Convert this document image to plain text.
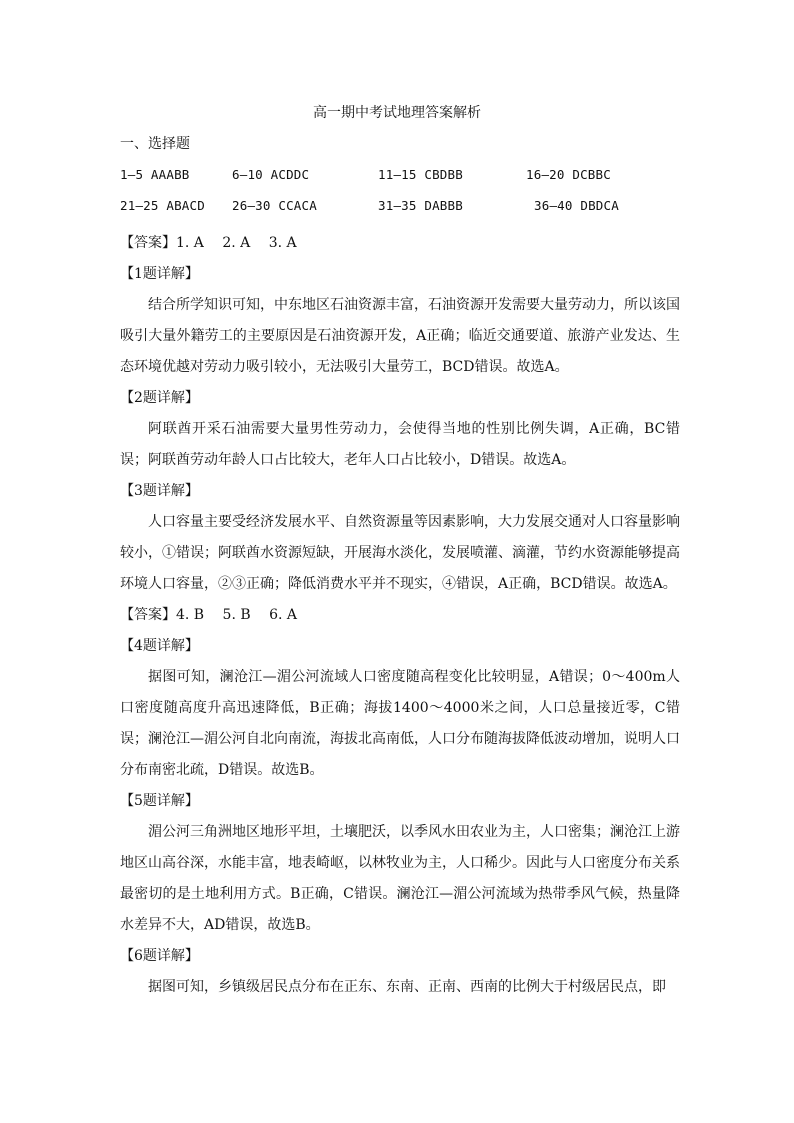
高一期中考试地理答案解析
一、选择题
1—5 AAABB	6—10 ACDDC	11—15 CBDBB	16—20 DCBBC
21—25 ABACD 26—30 CCACA	31—35 DABBB	36—40 DBDCA

【答案】1. A　 2. A　 3. A

【1题详解】

结合所学知识可知，中东地区石油资源丰富，石油资源开发需要大量劳动力，所以该国吸引大量外籍劳工的主要原因是石油资源开发，A正确；临近交通要道、旅游产业发达、生态环境优越对劳动力吸引较小，无法吸引大量劳工，BCD错误。故选A。

【2题详解】

阿联酋开采石油需要大量男性劳动力，会使得当地的性别比例失调，A正确，BC错误；阿联酋劳动年龄人口占比较大，老年人口占比较小，D错误。故选A。

【3题详解】

人口容量主要受经济发展水平、自然资源量等因素影响，大力发展交通对人口容量影响较小，①错误；阿联酋水资源短缺，开展海水淡化，发展喷灌、滴灌，节约水资源能够提高环境人口容量，②③正确；降低消费水平并不现实，④错误，A正确，BCD错误。故选A。

【答案】4. B　 5. B　 6. A

【4题详解】

据图可知，澜沧江—湄公河流域人口密度随高程变化比较明显，A错误；0～400m人口密度随高度升高迅速降低，B正确；海拔1400～4000米之间，人口总量接近零，C错误；澜沧江—湄公河自北向南流，海拔北高南低，人口分布随海拔降低波动增加，说明人口分布南密北疏，D错误。故选B。

【5题详解】

湄公河三角洲地区地形平坦，土壤肥沃，以季风水田农业为主，人口密集；澜沧江上游地区山高谷深，水能丰富，地表崎岖，以林牧业为主，人口稀少。因此与人口密度分布关系最密切的是土地利用方式。B正确，C错误。澜沧江—湄公河流域为热带季风气候，热量降水差异不大，AD错误，故选B。

【6题详解】

据图可知，乡镇级居民点分布在正东、东南、正南、西南的比例大于村级居民点，即
